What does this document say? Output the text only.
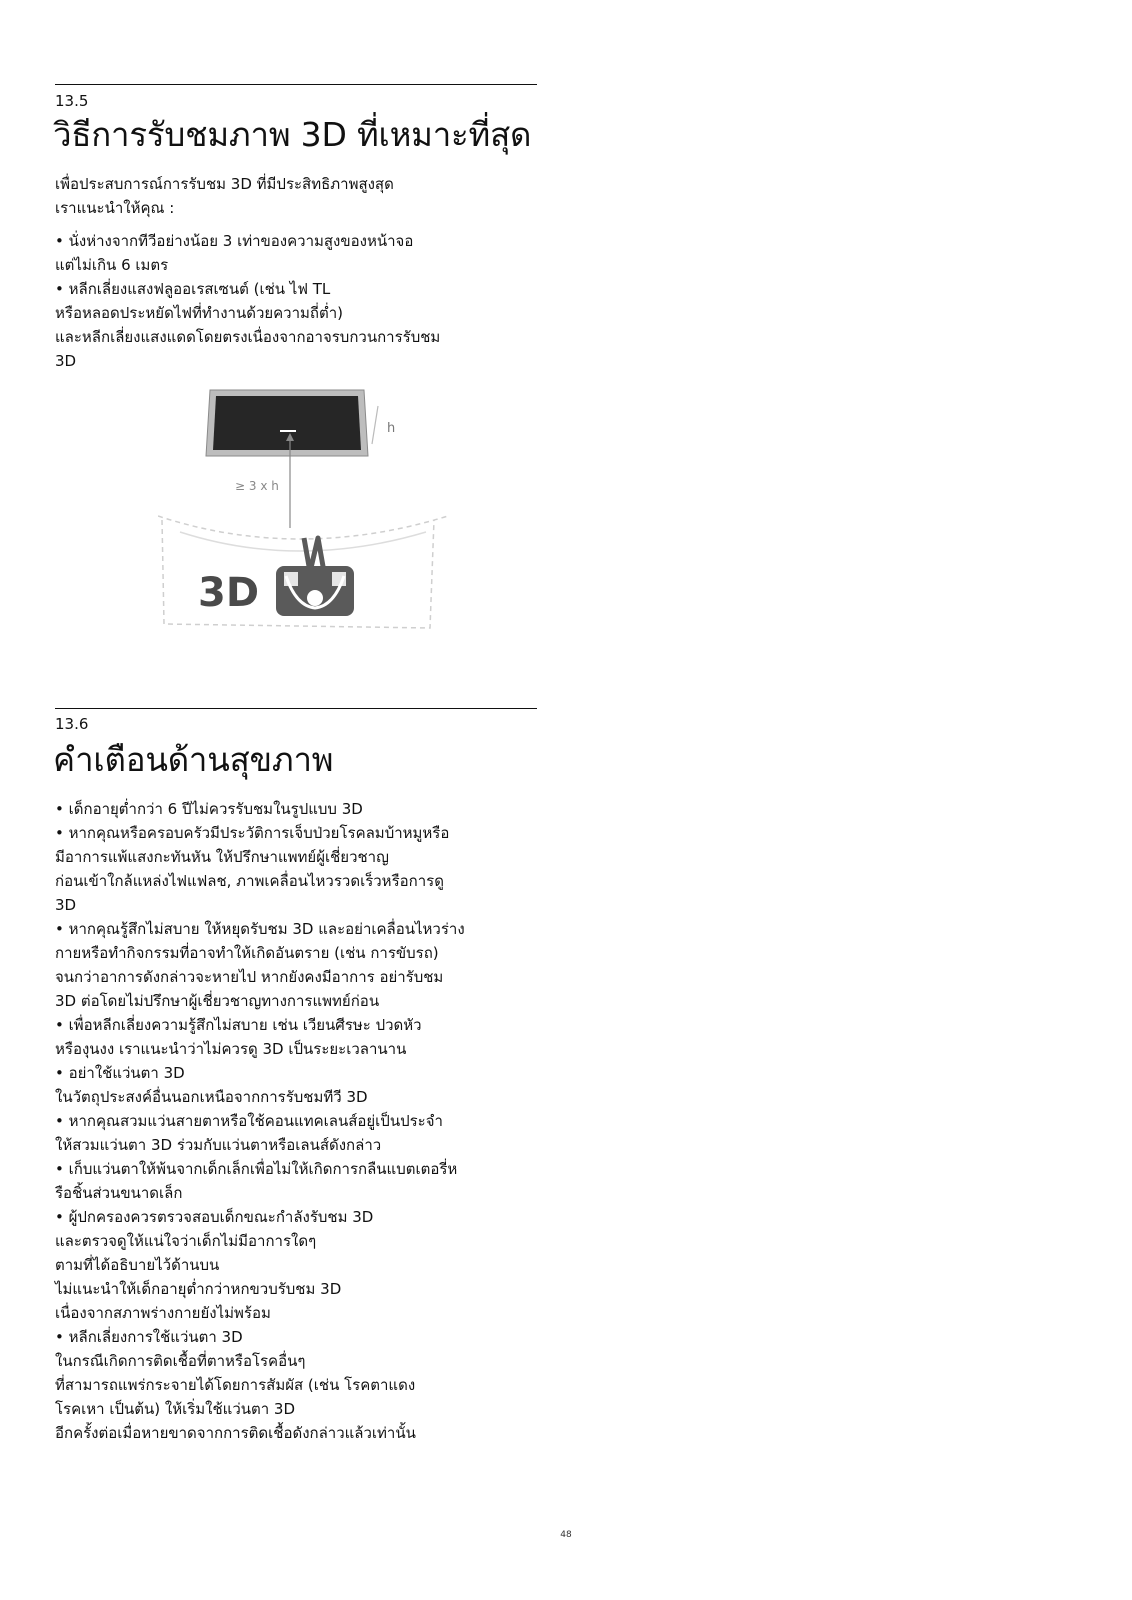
13.5
วิธีการรับชมภาพ 3D ที่เหมาะที่สุด

เพื่อประสบการณ์การรับชม 3D ที่มีประสิทธิภาพสูงสุด

เราแนะนำให้คุณ :

• นั่งห่างจากทีวีอย่างน้อย 3 เท่าของความสูงของหน้าจอ

แต่ไม่เกิน 6 เมตร

• หลีกเลี่ยงแสงฟลูออเรสเซนต์ (เช่น ไฟ TL

หรือหลอดประหยัดไฟที่ทำงานด้วยความถี่ต่ำ)

และหลีกเลี่ยงแสงแดดโดยตรงเนื่องจากอาจรบกวนการรับชม

3D

h
≥ 3 x h
3D
13.6
คำเตือนด้านสุขภาพ

• เด็กอายุต่ำกว่า 6 ปีไม่ควรรับชมในรูปแบบ 3D

• หากคุณหรือครอบครัวมีประวัติการเจ็บป่วยโรคลมบ้าหมูหรือ

มีอาการแพ้แสงกะทันหัน ให้ปรึกษาแพทย์ผู้เชี่ยวชาญ

ก่อนเข้าใกล้แหล่งไฟแฟลช, ภาพเคลื่อนไหวรวดเร็วหรือการดู

3D

• หากคุณรู้สึกไม่สบาย ให้หยุดรับชม 3D และอย่าเคลื่อนไหวร่าง

กายหรือทำกิจกรรมที่อาจทำให้เกิดอันตราย (เช่น การขับรถ)

จนกว่าอาการดังกล่าวจะหายไป หากยังคงมีอาการ อย่ารับชม

3D ต่อโดยไม่ปรึกษาผู้เชี่ยวชาญทางการแพทย์ก่อน

• เพื่อหลีกเลี่ยงความรู้สึกไม่สบาย เช่น เวียนศีรษะ ปวดหัว

หรืองุนงง เราแนะนำว่าไม่ควรดู 3D เป็นระยะเวลานาน

• อย่าใช้แว่นตา 3D

ในวัตถุประสงค์อื่นนอกเหนือจากการรับชมทีวี 3D

• หากคุณสวมแว่นสายตาหรือใช้คอนแทคเลนส์อยู่เป็นประจำ

ให้สวมแว่นตา 3D ร่วมกับแว่นตาหรือเลนส์ดังกล่าว

• เก็บแว่นตาให้พ้นจากเด็กเล็กเพื่อไม่ให้เกิดการกลืนแบตเตอรี่ห

รือชิ้นส่วนขนาดเล็ก

• ผู้ปกครองควรตรวจสอบเด็กขณะกำลังรับชม 3D

และตรวจดูให้แน่ใจว่าเด็กไม่มีอาการใดๆ

ตามที่ได้อธิบายไว้ด้านบน

ไม่แนะนำให้เด็กอายุต่ำกว่าหกขวบรับชม 3D

เนื่องจากสภาพร่างกายยังไม่พร้อม

• หลีกเลี่ยงการใช้แว่นตา 3D

ในกรณีเกิดการติดเชื้อที่ตาหรือโรคอื่นๆ

ที่สามารถแพร่กระจายได้โดยการสัมผัส (เช่น โรคตาแดง

โรคเหา เป็นต้น) ให้เริ่มใช้แว่นตา 3D

อีกครั้งต่อเมื่อหายขาดจากการติดเชื้อดังกล่าวแล้วเท่านั้น

48
